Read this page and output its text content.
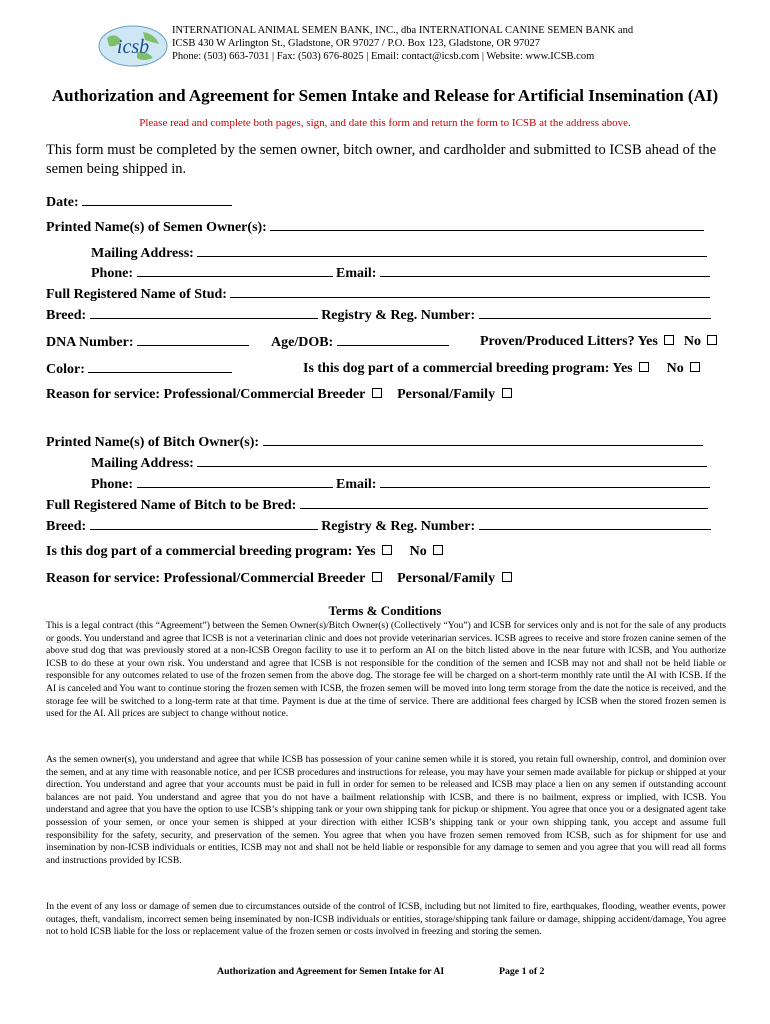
icsb
INTERNATIONAL ANIMAL SEMEN BANK, INC., dba INTERNATIONAL CANINE SEMEN BANK and
ICSB 430 W Arlington St., Gladstone, OR 97027 / P.O. Box 123, Gladstone, OR 97027
Phone: (503) 663-7031 | Fax: (503) 676-8025 | Email: contact@icsb.com | Website: www.ICSB.com
Authorization and Agreement for Semen Intake and Release for Artificial Insemination (AI)
Please read and complete both pages, sign, and date this form and return the form to ICSB at the address above.
This form must be completed by the semen owner, bitch owner, and cardholder and submitted to ICSB ahead of the semen being shipped in.
Date:
Printed Name(s) of Semen Owner(s):
Mailing Address:
Phone:	Email:
Full Registered Name of Stud:
Breed:	Registry & Reg. Number:
DNA Number:	Age/DOB:	Proven/Produced Litters? Yes No
Color:	Is this dog part of a commercial breeding program: Yes No
Reason for service: Professional/Commercial Breeder Personal/Family
Printed Name(s) of Bitch Owner(s):
Mailing Address:
Phone:	Email:
Full Registered Name of Bitch to be Bred:
Breed:	Registry & Reg. Number:
Is this dog part of a commercial breeding program: Yes No
Reason for service: Professional/Commercial Breeder Personal/Family
Terms & Conditions
This is a legal contract (this “Agreement”) between the Semen Owner(s)/Bitch Owner(s) (Collectively “You”) and ICSB for services only and is not for the sale of any products or goods. You understand and agree that ICSB is not a veterinarian clinic and does not provide veterinarian services. ICSB agrees to receive and store frozen canine semen of the above stud dog that was previously stored at a non-ICSB Oregon facility to use it to perform an AI on the bitch listed above in the near future with ICSB, and You authorize ICSB to do these at your own risk. You understand and agree that ICSB is not responsible for the condition of the semen and ICSB may not and shall not be held liable or responsible for any outcomes related to use of the frozen semen from the above dog. The storage fee will be charged on a short-term monthly rate until the AI with ICSB. If the AI is canceled and You want to continue storing the frozen semen with ICSB, the frozen semen will be moved into long term storage from the date the notice is received, and the storage fee will be switched to a long-term rate at that time. Payment is due at the time of service. There are additional fees charged by ICSB when the stored frozen semen is used for the AI. All prices are subject to change without notice.
As the semen owner(s), you understand and agree that while ICSB has possession of your canine semen while it is stored, you retain full ownership, control, and dominion over the semen, and at any time with reasonable notice, and per ICSB procedures and instructions for release, you may have your semen made available for pickup or shipped at your direction. You understand and agree that your accounts must be paid in full in order for semen to be released and ICSB may place a lien on any semen if outstanding account balances are not paid. You understand and agree that you do not have a bailment relationship with ICSB, and there is no bailment, express or implied, with ICSB. You understand and agree that you have the option to use ICSB’s shipping tank or your own shipping tank for pickup or shipment. You agree that once you or a designated agent take possession of your semen, or once your semen is shipped at your direction with either ICSB’s shipping tank or your own shipping tank, you accept and assume full responsibility for the safety, security, and preservation of the semen. You agree that when you have frozen semen removed from ICSB, such as for shipment for use and insemination by non-ICSB individuals or entities, ICSB may not and shall not be held liable or responsible for any damage to semen and you agree that you will read all forms and instructions provided by ICSB.
In the event of any loss or damage of semen due to circumstances outside of the control of ICSB, including but not limited to fire, earthquakes, flooding, weather events, power outages, theft, vandalism, incorrect semen being inseminated by non-ICSB individuals or entities, storage/shipping tank failure or damage, shipping accident/damage, You agree not to hold ICSB liable for the loss or replacement value of the frozen semen or costs involved in freezing and storing the semen.
Authorization and Agreement for Semen Intake for AI	Page 1 of 2
